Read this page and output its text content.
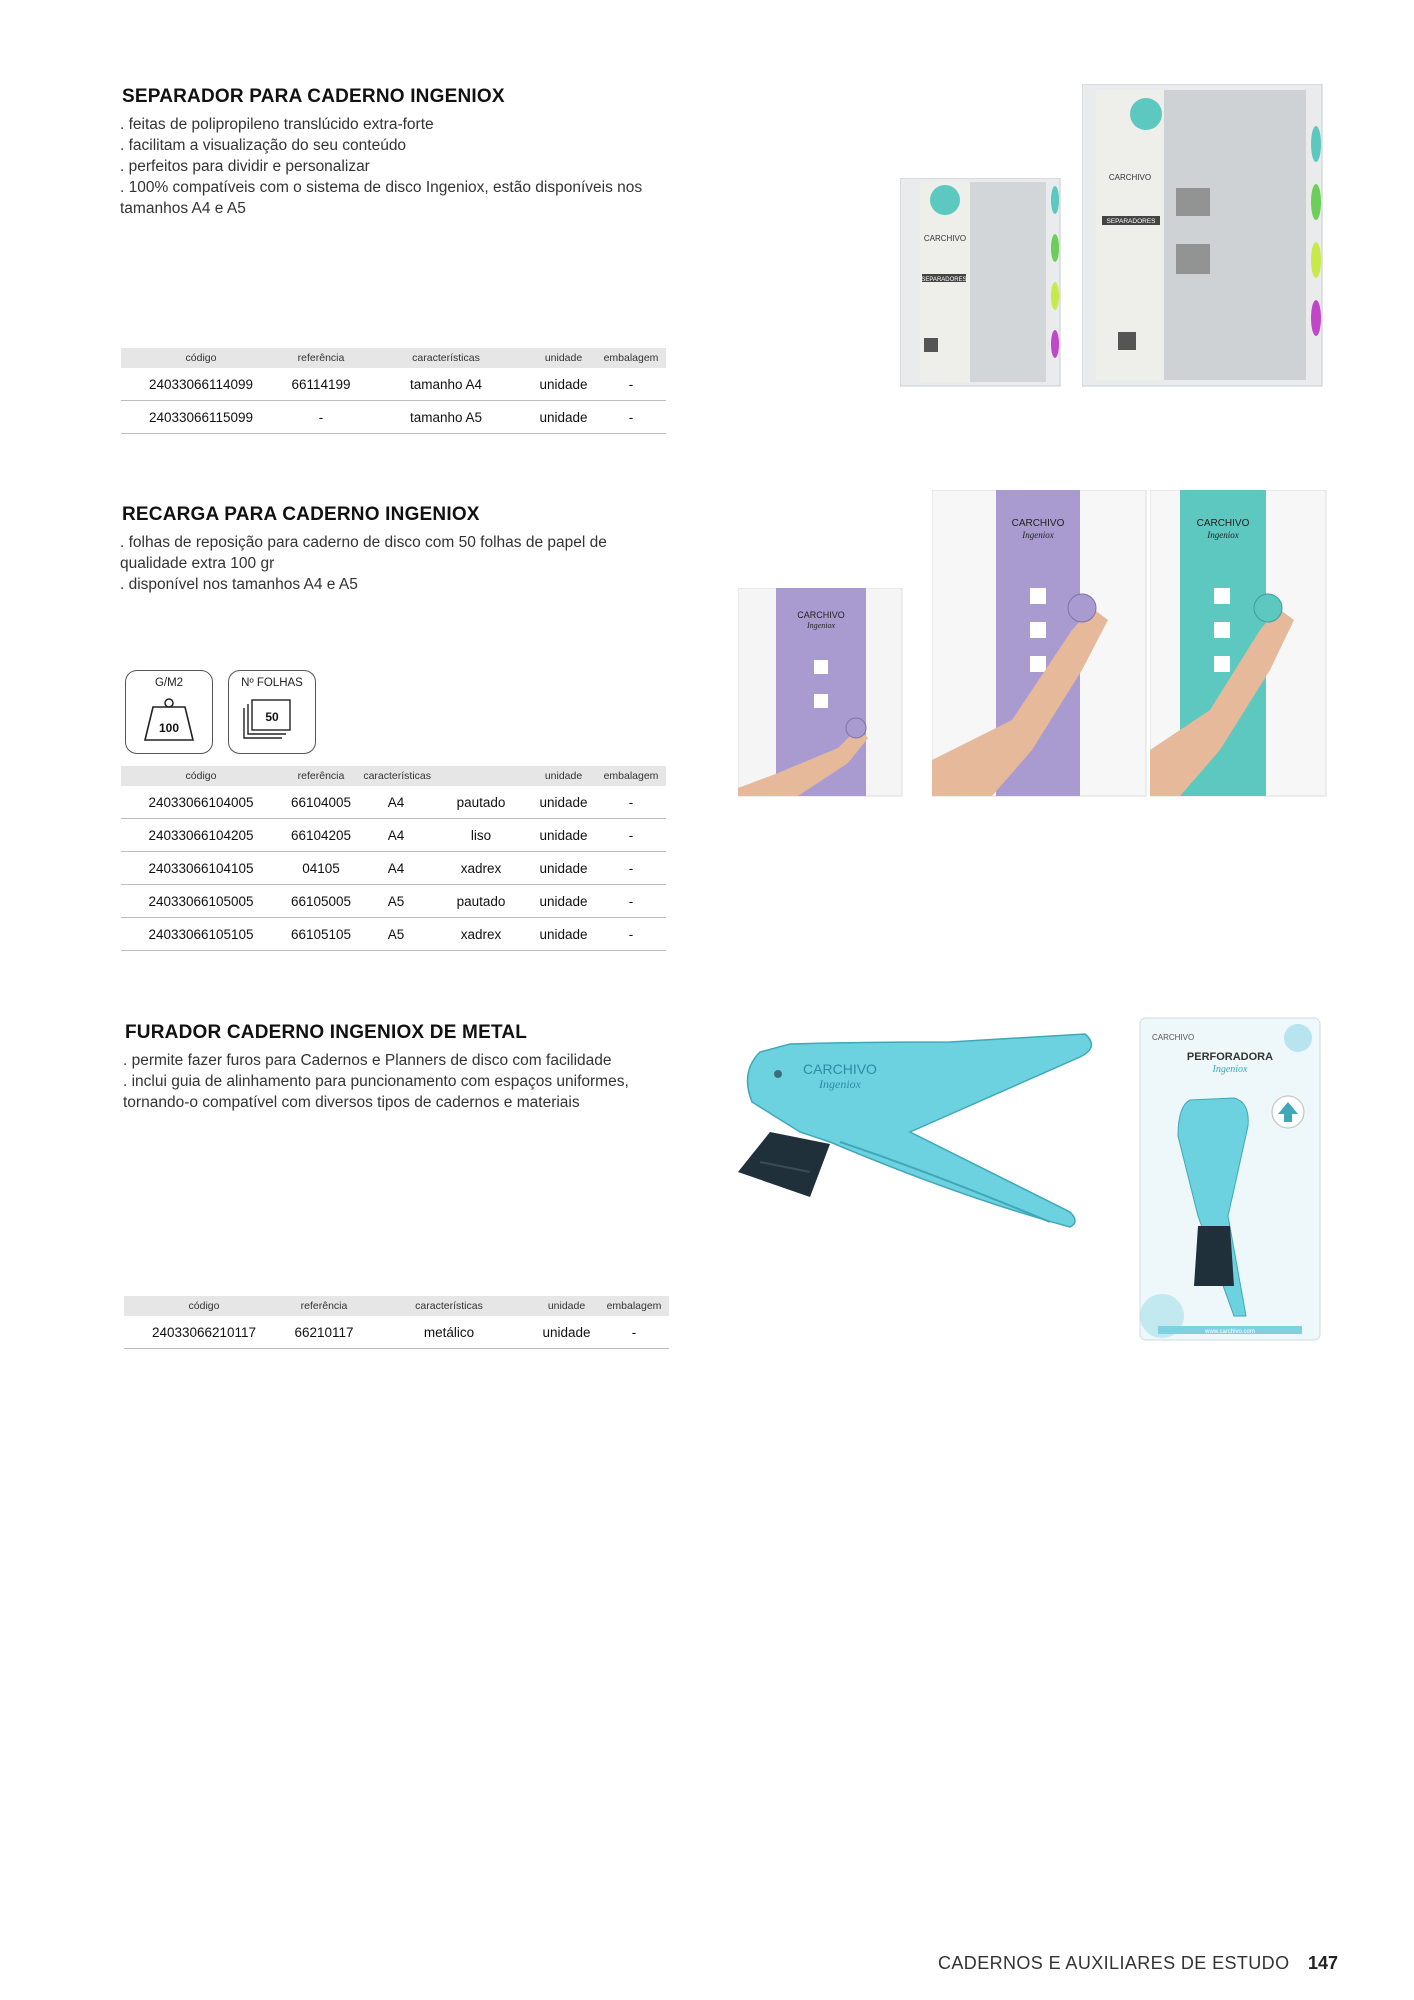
SEPARADOR PARA CADERNO INGENIOX
. feitas de polipropileno translúcido extra-forte
. facilitam a visualização do seu conteúdo
. perfeitos para dividir e personalizar
. 100% compatíveis com o sistema de disco Ingeniox, estão disponíveis nos tamanhos A4 e A5
código	referência	características	unidade	embalagem
24033066114099	66114199	tamanho A4	unidade	-
24033066115099	-	tamanho A5	unidade	-
CARCHIVO
SEPARADORES
CARCHIVO
SEPARADORES
RECARGA PARA CADERNO INGENIOX
. folhas de reposição para caderno de disco com 50 folhas de papel de qualidade extra 100 gr
. disponível nos tamanhos A4 e A5
G/M2
100
Nº FOLHAS
50
código	referência	características		unidade	embalagem
24033066104005	66104005	A4	pautado	unidade	-
24033066104205	66104205	A4	liso	unidade	-
24033066104105	04105	A4	xadrex	unidade	-
24033066105005	66105005	A5	pautado	unidade	-
24033066105105	66105105	A5	xadrex	unidade	-
CARCHIVO
Ingeniox
CARCHIVO
Ingeniox
CARCHIVO
Ingeniox
FURADOR CADERNO INGENIOX DE METAL
. permite fazer furos para Cadernos e Planners de disco com facilidade
. inclui guia de alinhamento para puncionamento com espaços uniformes, tornando-o compatível com diversos tipos de cadernos e materiais
código	referência	características	unidade	embalagem
24033066210117	66210117	metálico	unidade	-
CARCHIVO
Ingeniox
CARCHIVO
PERFORADORA
Ingeniox
www.carchivo.com
CADERNOS E AUXILIARES DE ESTUDO 147
